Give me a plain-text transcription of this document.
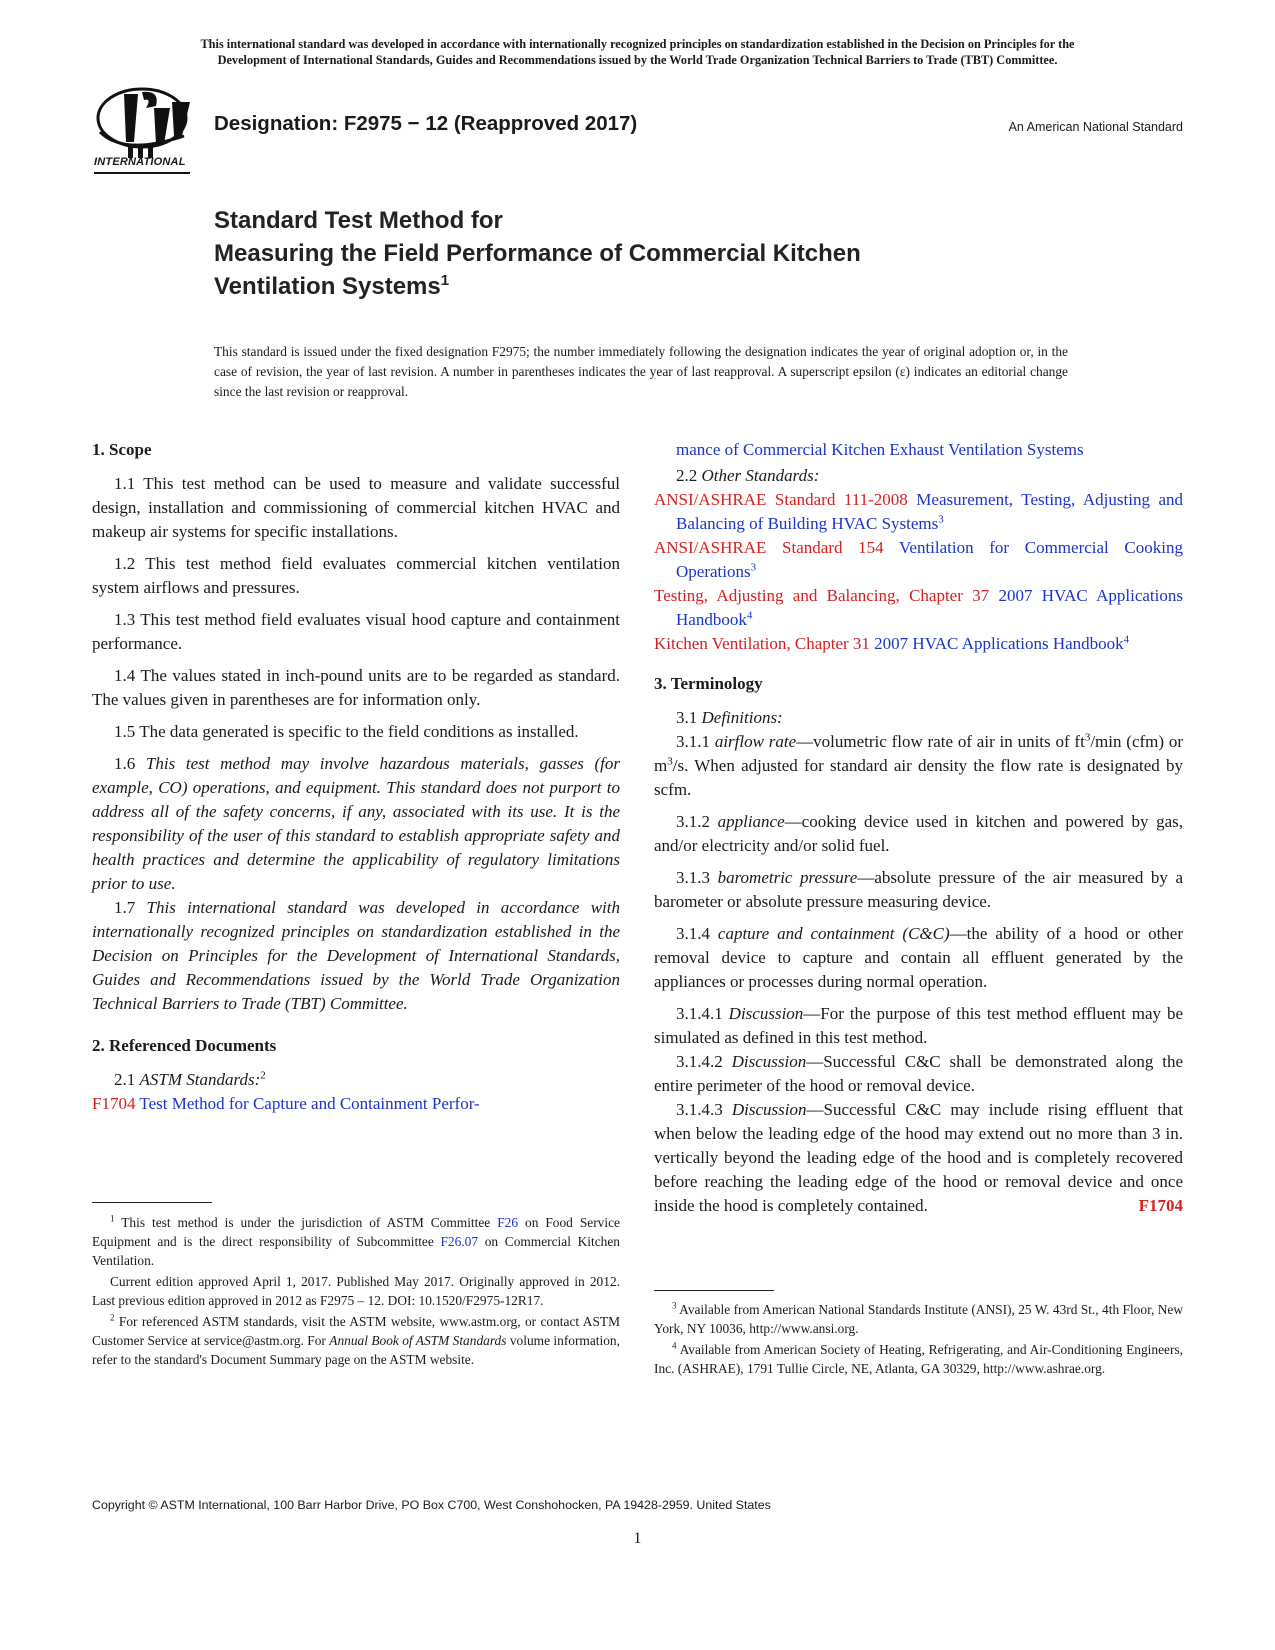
This international standard was developed in accordance with internationally recognized principles on standardization established in the Decision on Principles for the
Development of International Standards, Guides and Recommendations issued by the World Trade Organization Technical Barriers to Trade (TBT) Committee.
INTERNATIONAL
Designation: F2975 − 12 (Reapproved 2017)	An American National Standard
Standard Test Method for
Measuring the Field Performance of Commercial Kitchen
Ventilation Systems$^1$
This standard is issued under the fixed designation F2975; the number immediately following the designation indicates the year of original adoption or, in the case of revision, the year of last revision. A number in parentheses indicates the year of last reapproval. A superscript epsilon (ε) indicates an editorial change since the last revision or reapproval.
1. Scope

1.1 This test method can be used to measure and validate successful design, installation and commissioning of commercial kitchen HVAC and makeup air systems for specific installations.

1.2 This test method field evaluates commercial kitchen ventilation system airflows and pressures.

1.3 This test method field evaluates visual hood capture and containment performance.

1.4 The values stated in inch-pound units are to be regarded as standard. The values given in parentheses are for information only.

1.5 The data generated is specific to the field conditions as installed.

1.6 This test method may involve hazardous materials, gasses (for example, CO) operations, and equipment. This standard does not purport to address all of the safety concerns, if any, associated with its use. It is the responsibility of the user of this standard to establish appropriate safety and health practices and determine the applicability of regulatory limitations prior to use.

1.7 This international standard was developed in accordance with internationally recognized principles on standardization established in the Decision on Principles for the Development of International Standards, Guides and Recommendations issued by the World Trade Organization Technical Barriers to Trade (TBT) Committee.

2. Referenced Documents

2.1 ASTM Standards:$^2$

F1704 Test Method for Capture and Containment Perfor-

$^1$ This test method is under the jurisdiction of ASTM Committee F26 on Food Service Equipment and is the direct responsibility of Subcommittee F26.07 on Commercial Kitchen Ventilation.

Current edition approved April 1, 2017. Published May 2017. Originally approved in 2012. Last previous edition approved in 2012 as F2975 – 12. DOI: 10.1520/F2975-12R17.

$^2$ For referenced ASTM standards, visit the ASTM website, www.astm.org, or contact ASTM Customer Service at service@astm.org. For Annual Book of ASTM Standards volume information, refer to the standard's Document Summary page on the ASTM website.

mance of Commercial Kitchen Exhaust Ventilation Systems

2.2 Other Standards:

ANSI/ASHRAE Standard 111-2008 Measurement, Testing, Adjusting and Balancing of Building HVAC Systems$^3$
ANSI/ASHRAE Standard 154 Ventilation for Commercial Cooking Operations$^3$
Testing, Adjusting and Balancing, Chapter 37 2007 HVAC Applications Handbook$^4$
Kitchen Ventilation, Chapter 31 2007 HVAC Applications Handbook$^4$
3. Terminology

3.1 Definitions:

3.1.1 airflow rate—volumetric flow rate of air in units of $ft^3/\min$ (cfm) or $m^3/s$. When adjusted for standard air density the flow rate is designated by scfm.

3.1.2 appliance—cooking device used in kitchen and powered by gas, and/or electricity and/or solid fuel.

3.1.3 barometric pressure—absolute pressure of the air measured by a barometer or absolute pressure measuring device.

3.1.4 capture and containment (C&C)—the ability of a hood or other removal device to capture and contain all effluent generated by the appliances or processes during normal operation.

3.1.4.1 Discussion—For the purpose of this test method effluent may be simulated as defined in this test method.

3.1.4.2 Discussion—Successful C&C shall be demonstrated along the entire perimeter of the hood or removal device.

3.1.4.3 Discussion—Successful C&C may include rising effluent that when below the leading edge of the hood may extend out no more than 3 in. vertically beyond the leading edge of the hood and is completely recovered before reaching the leading edge of the hood or removal device and once inside the hood is completely contained.	F1704

$^3$ Available from American National Standards Institute (ANSI), 25 W. 43rd St., 4th Floor, New York, NY 10036, http://www.ansi.org.

$^4$ Available from American Society of Heating, Refrigerating, and Air-Conditioning Engineers, Inc. (ASHRAE), 1791 Tullie Circle, NE, Atlanta, GA 30329, http://www.ashrae.org.

Copyright © ASTM International, 100 Barr Harbor Drive, PO Box C700, West Conshohocken, PA 19428-2959. United States
1
